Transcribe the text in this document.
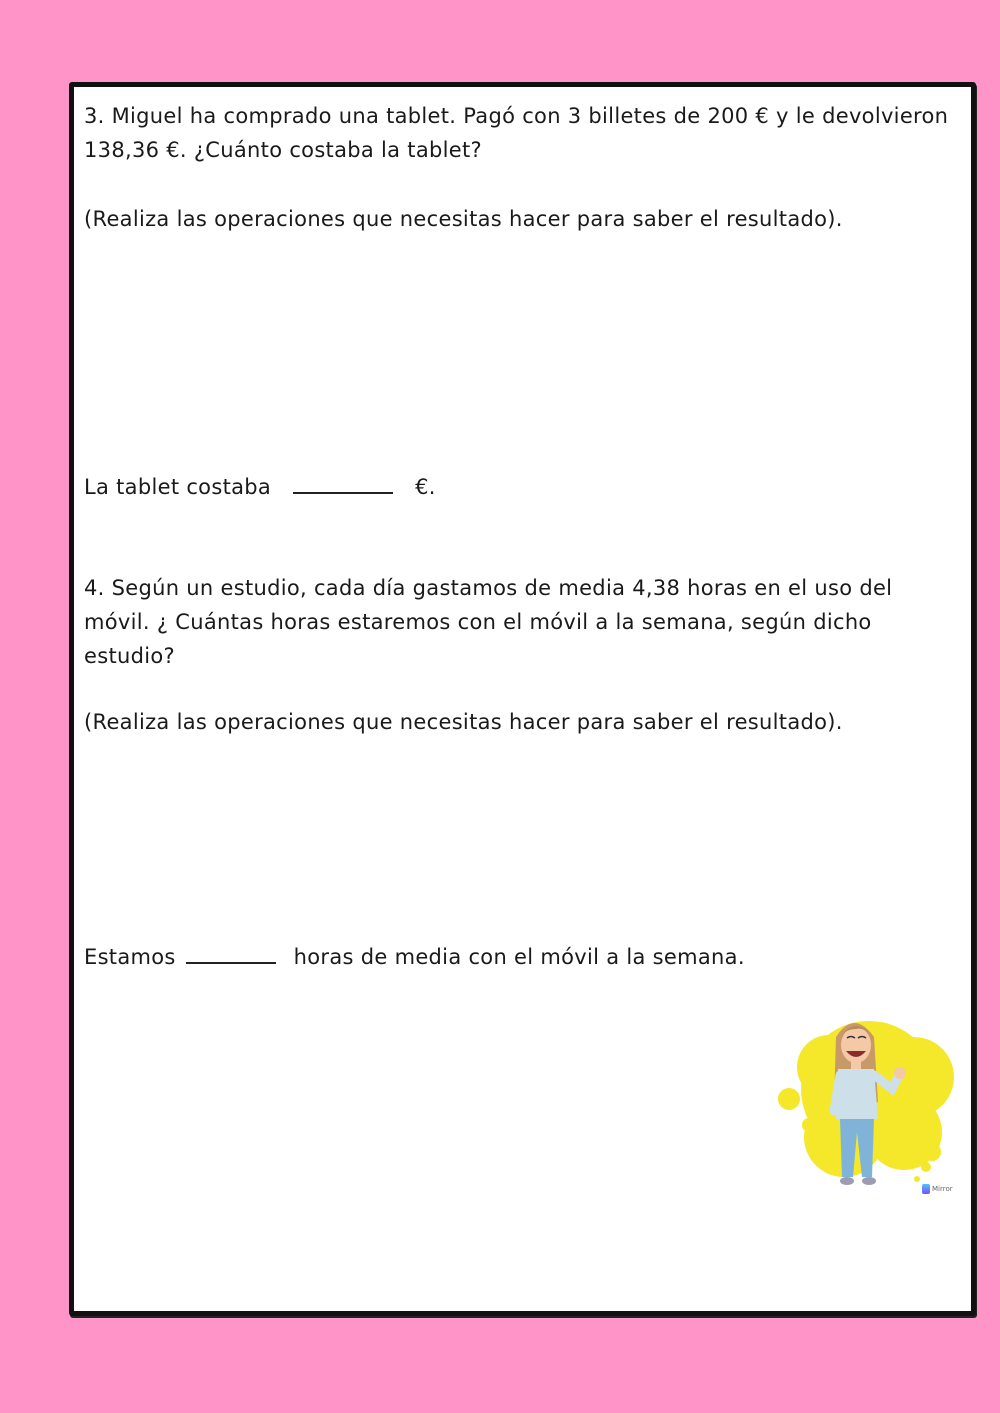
3. Miguel ha comprado una tablet. Pagó con 3 billetes de 200 € y le devolvieron 138,36 €. ¿Cuánto costaba la tablet?

(Realiza las operaciones que necesitas hacer para saber el resultado).

La tablet costaba	€.

4. Según un estudio, cada día gastamos de media 4,38 horas en el uso del móvil. ¿ Cuántas horas estaremos con el móvil a la semana, según dicho estudio?

(Realiza las operaciones que necesitas hacer para saber el resultado).

Estamos	horas de media con el móvil a la semana.

Mirror
